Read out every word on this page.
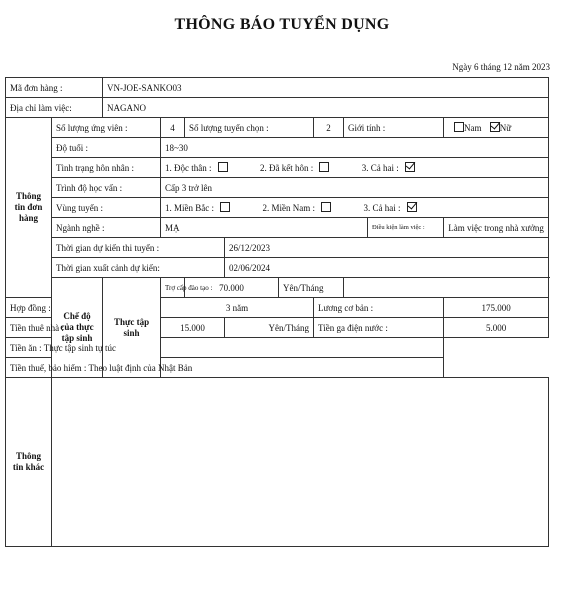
THÔNG BÁO TUYỂN DỤNG
Ngày 6 tháng 12 năm 2023
Mã đơn hàng :		VN-JOE-SANKO03									
Địa chỉ làm việc:		NAGANO									
Thông tin đơn hàng	Số lượng ứng viên :		4	Số lượng tuyển chọn :			2	Giới tính :		Nam Nữ	
	Độ tuổi :		18~30								
	Tình trạng hôn nhân :		1. Độc thân : 2. Đã kết hôn : 3. Cả hai :								
	Trình độ học vấn :		Cấp 3 trở lên								
	Vùng tuyển :		1. Miền Bắc : 2. Miền Nam : 3. Cả hai :								
	Ngành nghề :		MẠ						Điều kiện làm việc :	Làm việc trong nhà xưởng	
	Thời gian dự kiến thi tuyển :				26/12/2023						
	Thời gian xuất cảnh dự kiến:				02/06/2024						
	Chế độ của thực tập sinh	Thực tập sinh	Trợ cấp đào tạo :	70.000		Yên/Tháng					
Hợp đồng :			3 năm				Lương cơ bản :			175.000	
Tiền thuê nhà :			15.000		Yên/Tháng		Tiền ga điện nước :			5.000	
Tiền ăn : Thực tập sinh tự túc											
Tiền thuế, bảo hiểm : Theo luật định của Nhật Bản											
Thông tin khác											
